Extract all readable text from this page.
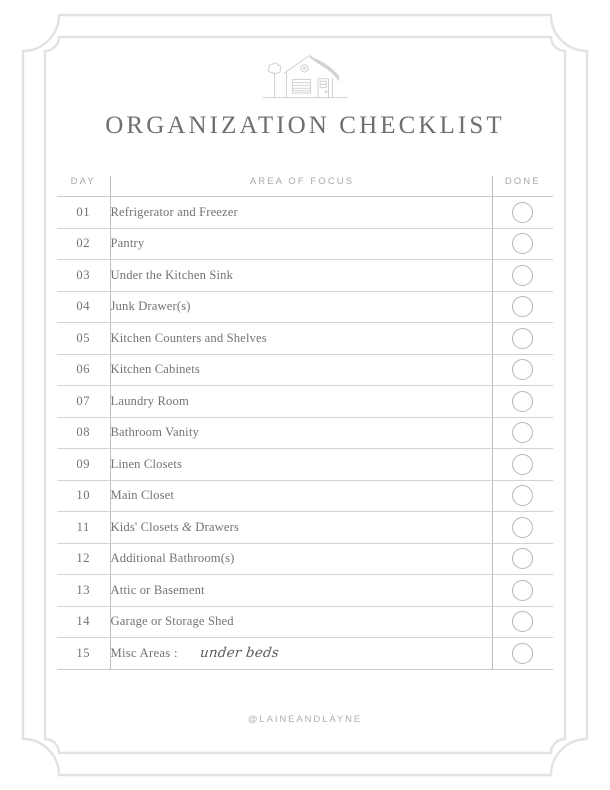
ORGANIZATION CHECKLIST
DAY	AREA OF FOCUS	DONE
01	Refrigerator and Freezer	
02	Pantry	
03	Under the Kitchen Sink	
04	Junk Drawer(s)	
05	Kitchen Counters and Shelves	
06	Kitchen Cabinets	
07	Laundry Room	
08	Bathroom Vanity	
09	Linen Closets	
10	Main Closet	
11	Kids' Closets & Drawers	
12	Additional Bathroom(s)	
13	Attic or Basement	
14	Garage or Storage Shed	
15	Misc Areas : under beds	
@LAINEANDLAYNE
